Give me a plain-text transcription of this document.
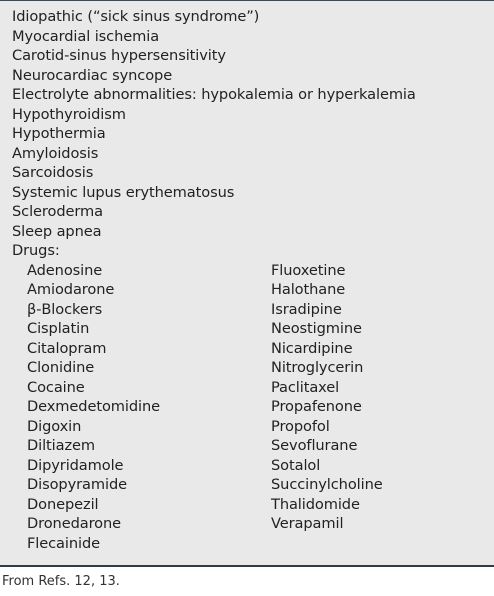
Idiopathic (“sick sinus syndrome”)
Myocardial ischemia
Carotid-sinus hypersensitivity
Neurocardiac syncope
Electrolyte abnormalities: hypokalemia or hyperkalemia
Hypothyroidism
Hypothermia
Amyloidosis
Sarcoidosis
Systemic lupus erythematosus
Scleroderma
Sleep apnea
Drugs:
Adenosine
Amiodarone
β-Blockers
Cisplatin
Citalopram
Clonidine
Cocaine
Dexmedetomidine
Digoxin
Diltiazem
Dipyridamole
Disopyramide
Donepezil
Dronedarone
Flecainide
Fluoxetine
Halothane
Isradipine
Neostigmine
Nicardipine
Nitroglycerin
Paclitaxel
Propafenone
Propofol
Sevoflurane
Sotalol
Succinylcholine
Thalidomide
Verapamil
From Refs. 12, 13.
